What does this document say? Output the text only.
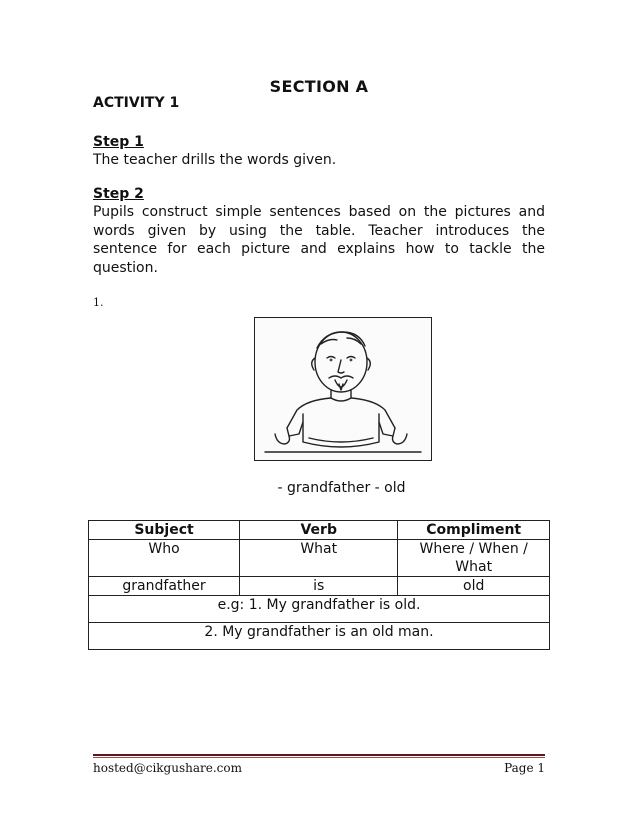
SECTION A
ACTIVITY 1
Step 1
The teacher drills the words given.
Step 2
Pupils construct simple sentences based on the pictures and words given by using the table. Teacher introduces the sentence for each picture and explains how to tackle the question.
1.
- grandfather - old
Subject	Verb	Compliment
Who	What	Where / When / What
grandfather	is	old
e.g: 1. My grandfather is old.		
2. My grandfather is an old man.		
hosted@cikgushare.com	Page 1
